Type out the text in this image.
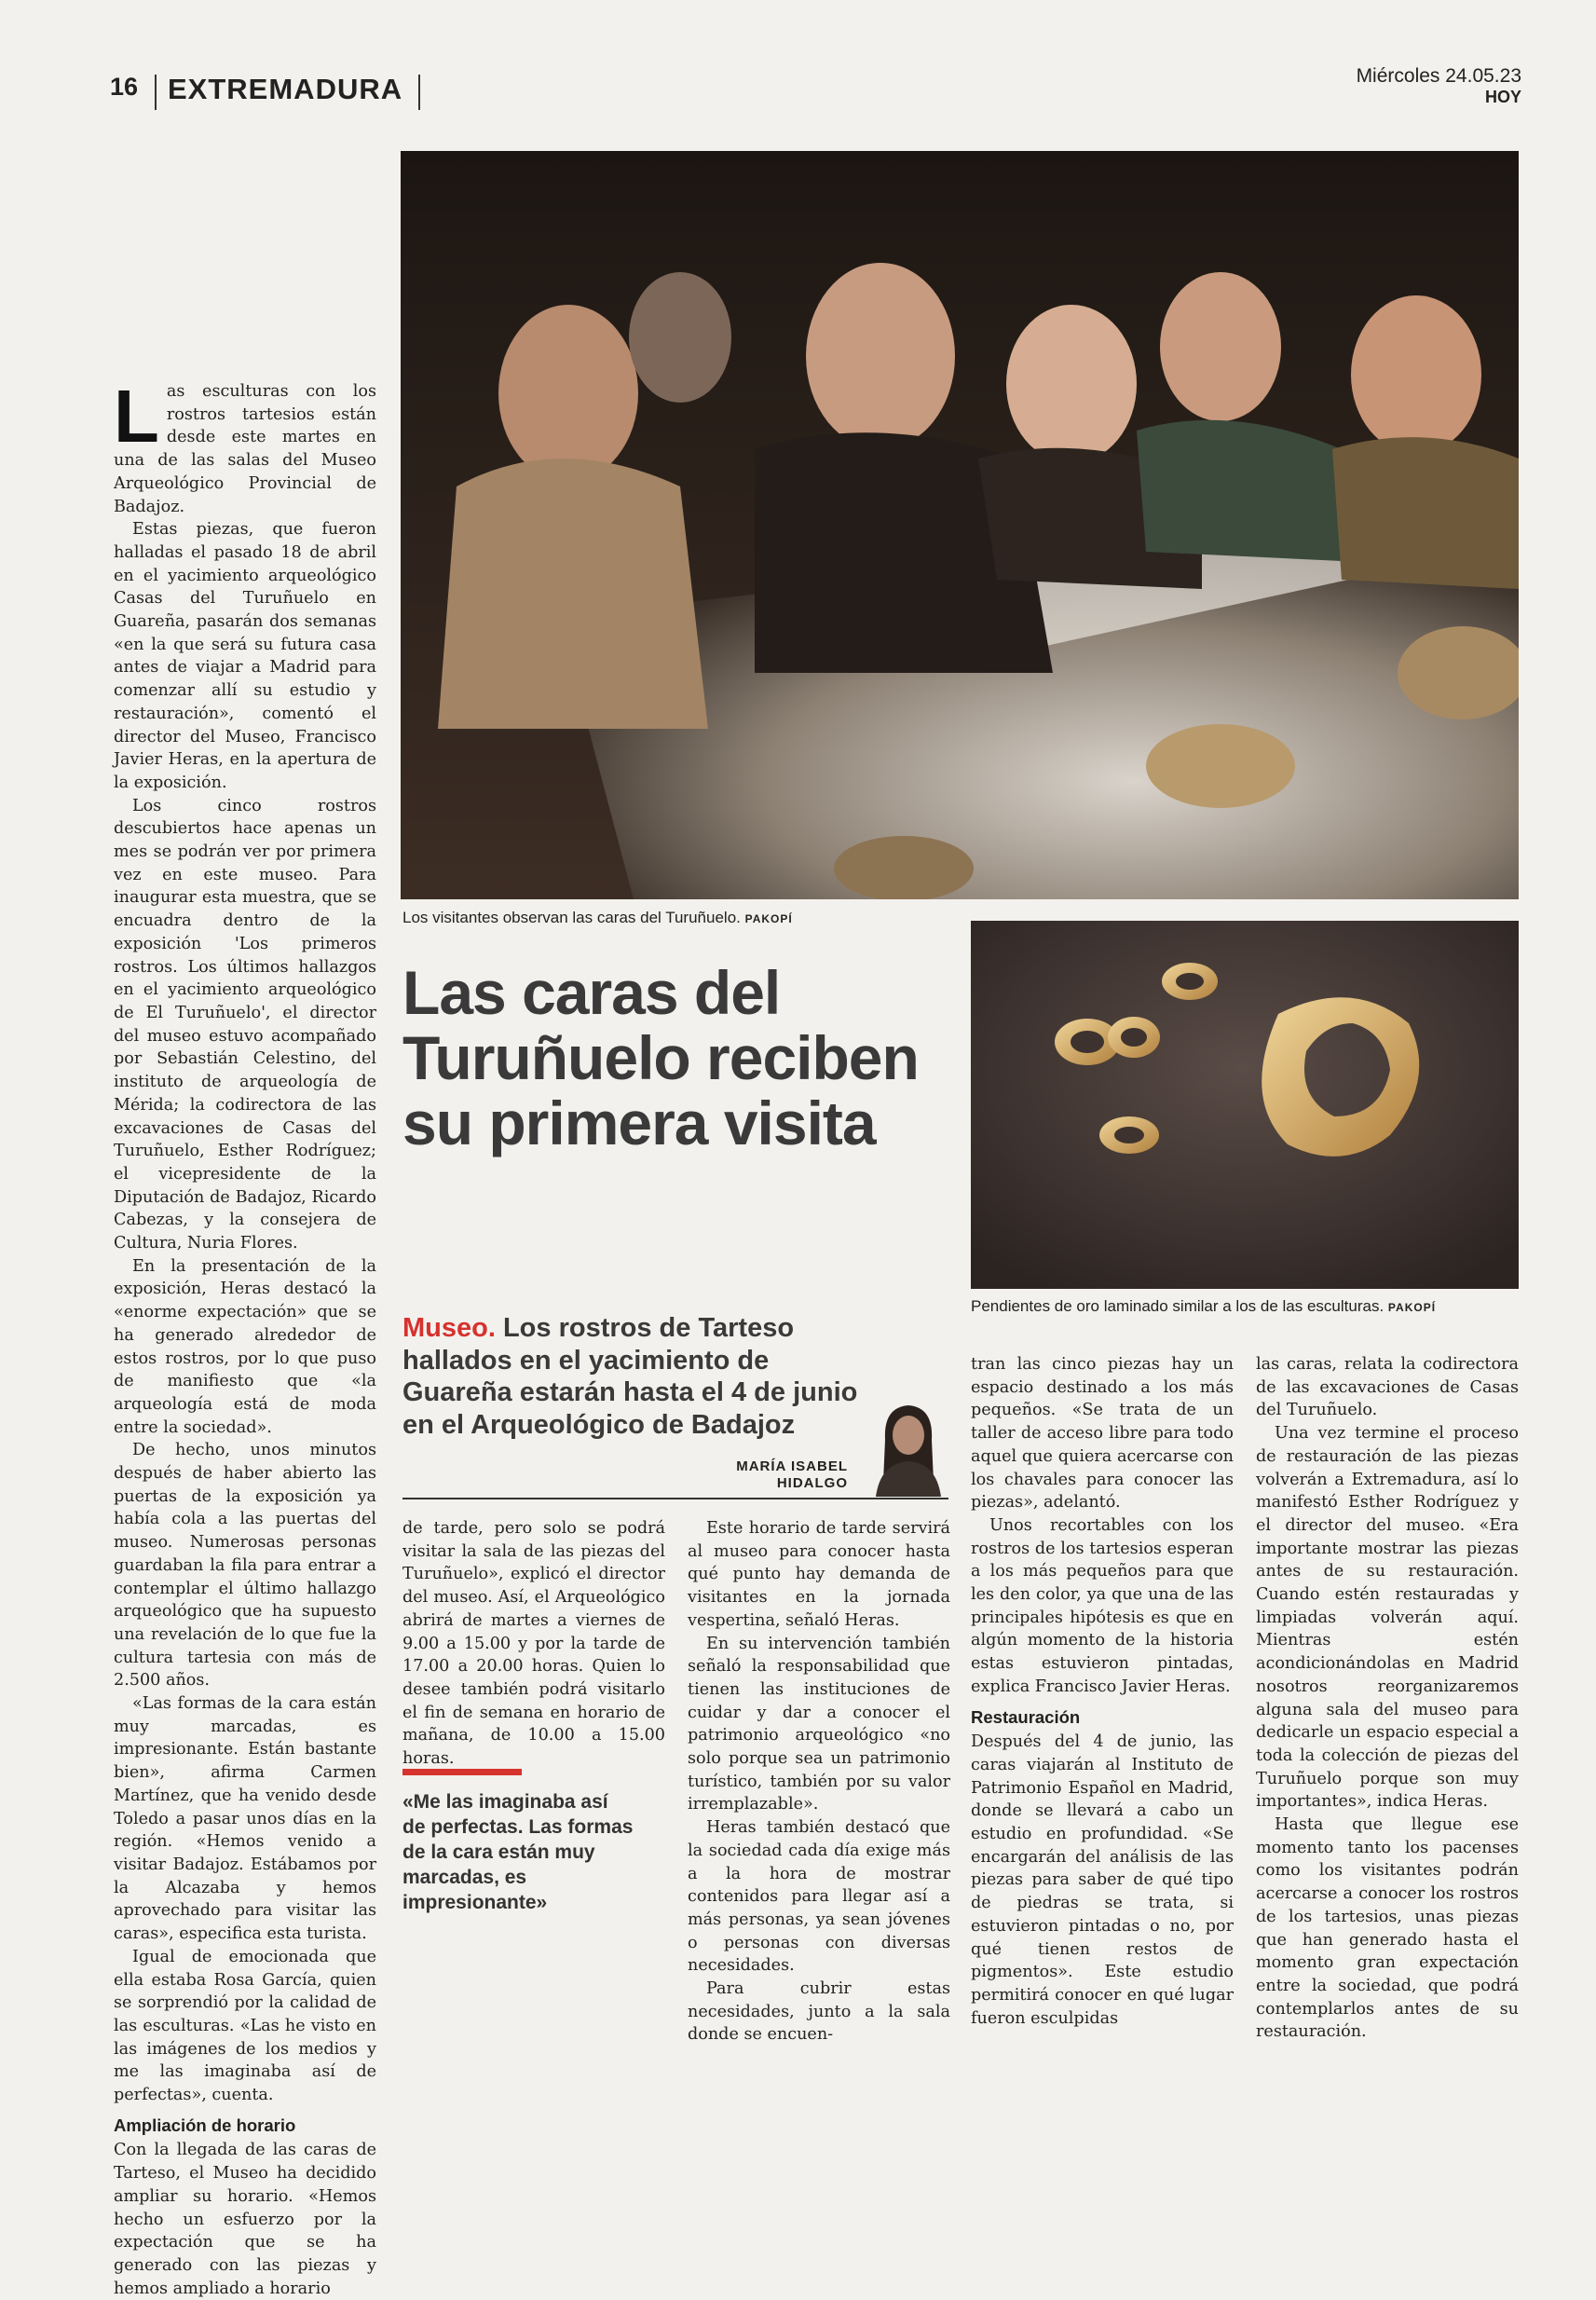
16 EXTREMADURA	Miércoles 24.05.23
HOY
Los visitantes observan las caras del Turuñuelo. PAKOPÍ
Pendientes de oro laminado similar a los de las esculturas. PAKOPÍ
Las caras del Turuñuelo reciben su primera visita
Museo. Los rostros de Tarteso hallados en el yacimiento de Guareña estarán hasta el 4 de junio en el Arqueológico de Badajoz
MARÍA ISABEL
HIDALGO

Las esculturas con los rostros tartesios están desde este martes en una de las salas del Museo Arqueológico Provincial de Badajoz.

Estas piezas, que fueron halladas el pasado 18 de abril en el yacimiento arqueológico Casas del Turuñuelo en Guareña, pasarán dos semanas «en la que será su futura casa antes de viajar a Madrid para comenzar allí su estudio y restauración», comentó el director del Museo, Francisco Javier Heras, en la apertura de la exposición.

Los cinco rostros descubiertos hace apenas un mes se podrán ver por primera vez en este museo. Para inaugurar esta muestra, que se encuadra dentro de la exposición 'Los primeros rostros. Los últimos hallazgos en el yacimiento arqueológico de El Turuñuelo', el director del museo estuvo acompañado por Sebastián Celestino, del instituto de arqueología de Mérida; la codirectora de las excavaciones de Casas del Turuñuelo, Esther Rodríguez; el vicepresidente de la Diputación de Badajoz, Ricardo Cabezas, y la consejera de Cultura, Nuria Flores.

En la presentación de la exposición, Heras destacó la «enorme expectación» que se ha generado alrededor de estos rostros, por lo que puso de manifiesto que «la arqueología está de moda entre la sociedad».

De hecho, unos minutos después de haber abierto las puertas de la exposición ya había cola a las puertas del museo. Numerosas personas guardaban la fila para entrar a contemplar el último hallazgo arqueológico que ha supuesto una revelación de lo que fue la cultura tartesia con más de 2.500 años.

«Las formas de la cara están muy marcadas, es impresionante. Están bastante bien», afirma Carmen Martínez, que ha venido desde Toledo a pasar unos días en la región. «Hemos venido a visitar Badajoz. Estábamos por la Alcazaba y hemos aprovechado para visitar las caras», especifica esta turista.

Igual de emocionada que ella estaba Rosa García, quien se sorprendió por la calidad de las esculturas. «Las he visto en las imágenes de los medios y me las imaginaba así de perfectas», cuenta.

Ampliación de horario

Con la llegada de las caras de Tarteso, el Museo ha decidido ampliar su horario. «Hemos hecho un esfuerzo por la expectación que se ha generado con las piezas y hemos ampliado a horario

de tarde, pero solo se podrá visitar la sala de las piezas del Turuñuelo», explicó el director del museo. Así, el Arqueológico abrirá de martes a viernes de 9.00 a 15.00 y por la tarde de 17.00 a 20.00 horas. Quien lo desee también podrá visitarlo el fin de semana en horario de mañana, de 10.00 a 15.00 horas.

«Me las imaginaba así de perfectas. Las formas de la cara están muy marcadas, es impresionante»

Este horario de tarde servirá al museo para conocer hasta qué punto hay demanda de visitantes en la jornada vespertina, señaló Heras.

En su intervención también señaló la responsabilidad que tienen las instituciones de cuidar y dar a conocer el patrimonio arqueológico «no solo porque sea un patrimonio turístico, también por su valor irremplazable».

Heras también destacó que la sociedad cada día exige más a la hora de mostrar contenidos para llegar así a más personas, ya sean jóvenes o personas con diversas necesidades.

Para cubrir estas necesidades, junto a la sala donde se encuen-

tran las cinco piezas hay un espacio destinado a los más pequeños. «Se trata de un taller de acceso libre para todo aquel que quiera acercarse con los chavales para conocer las piezas», adelantó.

Unos recortables con los rostros de los tartesios esperan a los más pequeños para que les den color, ya que una de las principales hipótesis es que en algún momento de la historia estas estuvieron pintadas, explica Francisco Javier Heras.

Restauración

Después del 4 de junio, las caras viajarán al Instituto de Patrimonio Español en Madrid, donde se llevará a cabo un estudio en profundidad. «Se encargarán del análisis de las piezas para saber de qué tipo de piedras se trata, si estuvieron pintadas o no, por qué tienen restos de pigmentos». Este estudio permitirá conocer en qué lugar fueron esculpidas

las caras, relata la codirectora de las excavaciones de Casas del Turuñuelo.

Una vez termine el proceso de restauración de las piezas volverán a Extremadura, así lo manifestó Esther Rodríguez y el director del museo. «Era importante mostrar las piezas antes de su restauración. Cuando estén restauradas y limpiadas volverán aquí. Mientras estén acondicionándolas en Madrid nosotros reorganizaremos alguna sala del museo para dedicarle un espacio especial a toda la colección de piezas del Turuñuelo porque son muy importantes», indica Heras.

Hasta que llegue ese momento tanto los pacenses como los visitantes podrán acercarse a conocer los rostros de los tartesios, unas piezas que han generado hasta el momento gran expectación entre la sociedad, que podrá contemplarlos antes de su restauración.
